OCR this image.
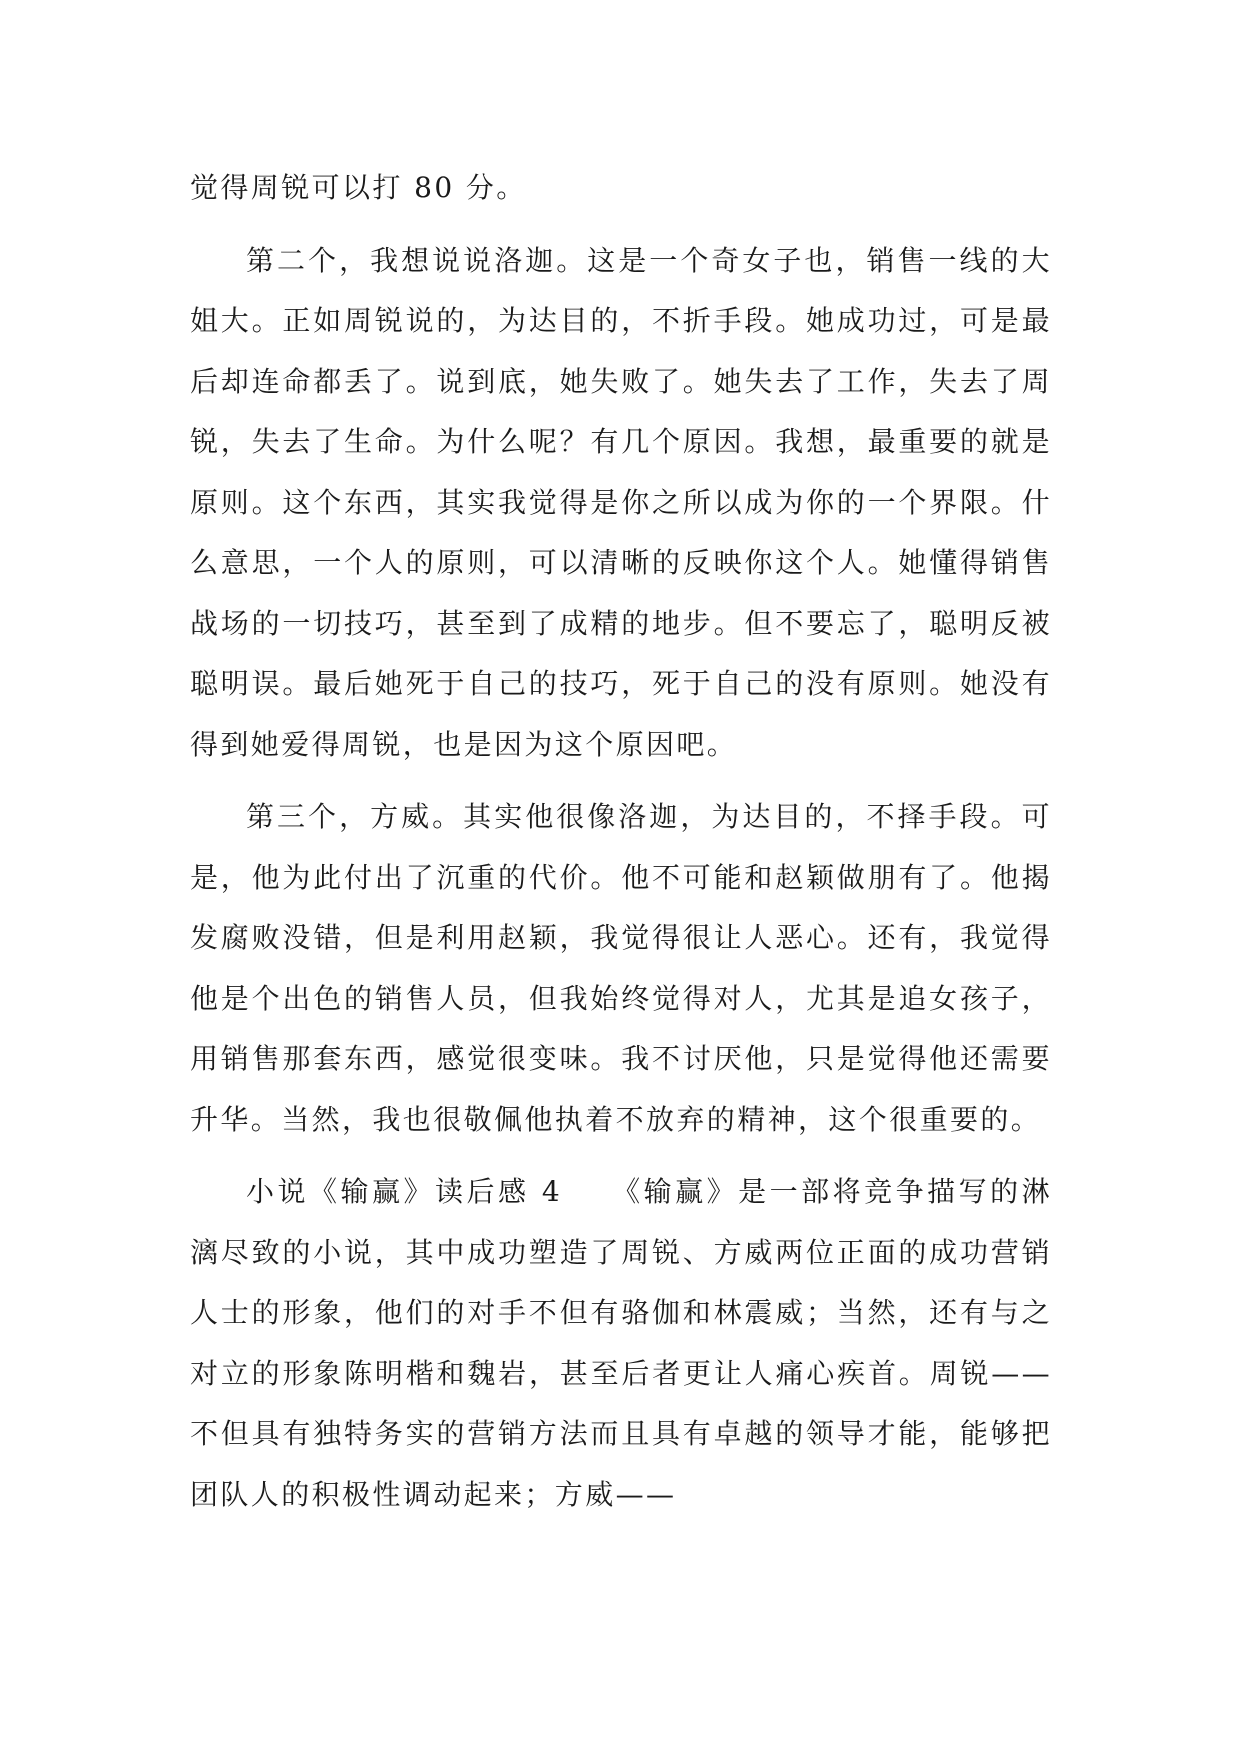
觉得周锐可以打 80 分。

第二个，我想说说洛迦。这是一个奇女子也，销售一线的大姐大。正如周锐说的，为达目的，不折手段。她成功过，可是最后却连命都丢了。说到底，她失败了。她失去了工作，失去了周锐，失去了生命。为什么呢？有几个原因。我想，最重要的就是原则。这个东西，其实我觉得是你之所以成为你的一个界限。什么意思，一个人的原则，可以清晰的反映你这个人。她懂得销售战场的一切技巧，甚至到了成精的地步。但不要忘了，聪明反被聪明误。最后她死于自己的技巧，死于自己的没有原则。她没有得到她爱得周锐，也是因为这个原因吧。

第三个，方威。其实他很像洛迦，为达目的，不择手段。可是，他为此付出了沉重的代价。他不可能和赵颖做朋有了。他揭发腐败没错，但是利用赵颖，我觉得很让人恶心。还有，我觉得他是个出色的销售人员，但我始终觉得对人，尤其是追女孩子，用销售那套东西，感觉很变味。我不讨厌他，只是觉得他还需要升华。当然，我也很敬佩他执着不放弃的精神，这个很重要的。

小说《输赢》读后感 4　　《输赢》是一部将竞争描写的淋漓尽致的小说，其中成功塑造了周锐、方威两位正面的成功营销人士的形象，他们的对手不但有骆伽和林震威；当然，还有与之对立的形象陈明楷和魏岩，甚至后者更让人痛心疾首。周锐——不但具有独特务实的营销方法而且具有卓越的领导才能，能够把团队人的积极性调动起来；方威——
